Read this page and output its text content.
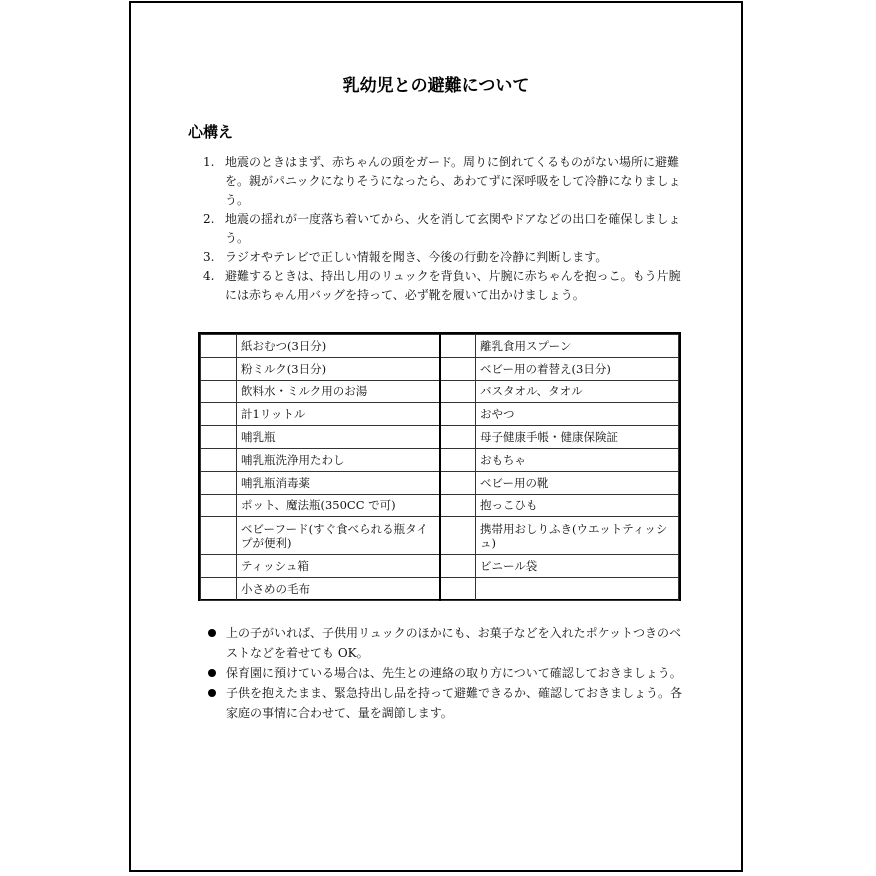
乳幼児との避難について
心構え
1. 地震のときはまず、赤ちゃんの頭をガード。周りに倒れてくるものがない場所に避難を。親がパニックになりそうになったら、あわてずに深呼吸をして冷静になりましょう。
2. 地震の揺れが一度落ち着いてから、火を消して玄関やドアなどの出口を確保しましょう。
3. ラジオやテレビで正しい情報を聞き、今後の行動を冷静に判断します。
4. 避難するときは、持出し用のリュックを背負い、片腕に赤ちゃんを抱っこ。もう片腕には赤ちゃん用バッグを持って、必ず靴を履いて出かけましょう。
	紙おむつ(3日分)		離乳食用スプーン
	粉ミルク(3日分)		ベビー用の着替え(3日分)
	飲料水・ミルク用のお湯		バスタオル、タオル
	計1リットル		おやつ
	哺乳瓶		母子健康手帳・健康保険証
	哺乳瓶洗浄用たわし		おもちゃ
	哺乳瓶消毒薬		ベビー用の靴
	ポット、魔法瓶(350CC で可)		抱っこひも
	ベビーフード(すぐ食べられる瓶タイプが便利)		携帯用おしりふき(ウエットティッシュ)
	ティッシュ箱		ビニール袋
	小さめの毛布		
上の子がいれば、子供用リュックのほかにも、お菓子などを入れたポケットつきのベストなどを着せても OK。
保育園に預けている場合は、先生との連絡の取り方について確認しておきましょう。
子供を抱えたまま、緊急持出し品を持って避難できるか、確認しておきましょう。各家庭の事情に合わせて、量を調節します。
